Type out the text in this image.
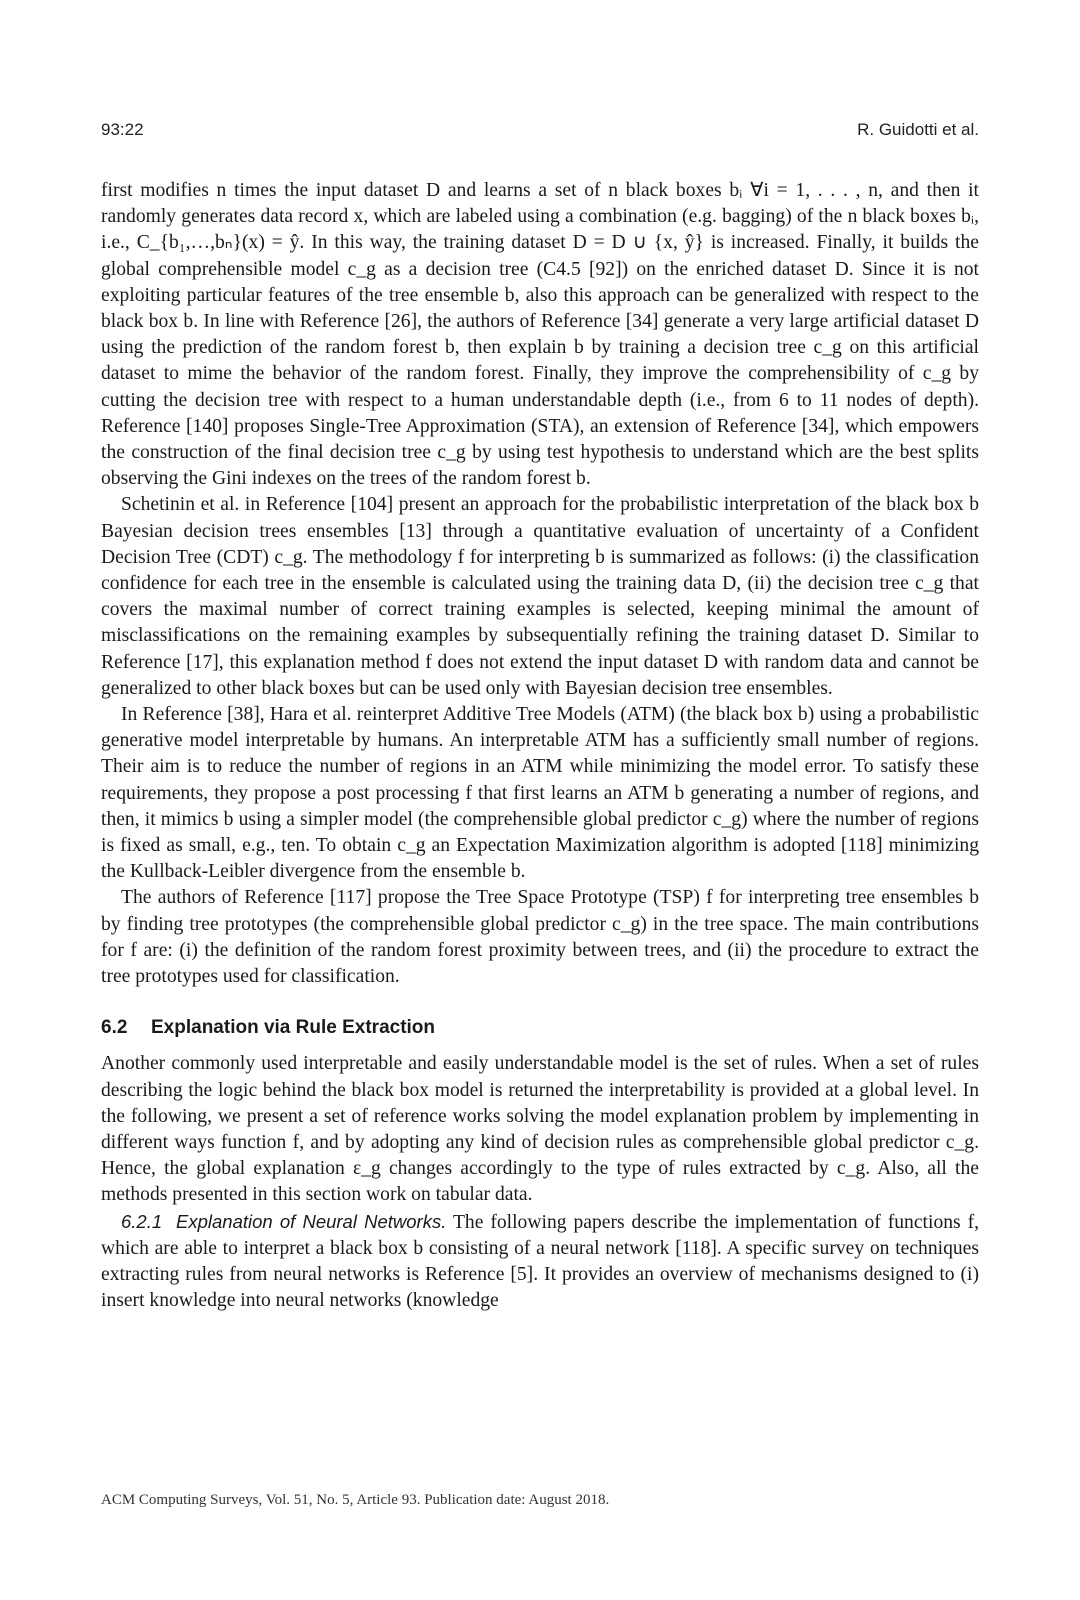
93:22	R. Guidotti et al.

first modifies n times the input dataset D and learns a set of n black boxes bᵢ ∀i = 1, . . . , n, and then it randomly generates data record x, which are labeled using a combination (e.g. bagging) of the n black boxes bᵢ, i.e., C_{b₁,…,bₙ}(x) = ŷ. In this way, the training dataset D = D ∪ {x, ŷ} is increased. Finally, it builds the global comprehensible model c_g as a decision tree (C4.5 [92]) on the enriched dataset D. Since it is not exploiting particular features of the tree ensemble b, also this approach can be generalized with respect to the black box b. In line with Reference [26], the authors of Reference [34] generate a very large artificial dataset D using the prediction of the random forest b, then explain b by training a decision tree c_g on this artificial dataset to mime the behavior of the random forest. Finally, they improve the comprehensibility of c_g by cutting the decision tree with respect to a human understandable depth (i.e., from 6 to 11 nodes of depth). Reference [140] proposes Single-Tree Approximation (STA), an extension of Reference [34], which empowers the construction of the final decision tree c_g by using test hypothesis to understand which are the best splits observing the Gini indexes on the trees of the random forest b.

Schetinin et al. in Reference [104] present an approach for the probabilistic interpretation of the black box b Bayesian decision trees ensembles [13] through a quantitative evaluation of uncertainty of a Confident Decision Tree (CDT) c_g. The methodology f for interpreting b is summarized as follows: (i) the classification confidence for each tree in the ensemble is calculated using the training data D, (ii) the decision tree c_g that covers the maximal number of correct training examples is selected, keeping minimal the amount of misclassifications on the remaining examples by subsequentially refining the training dataset D. Similar to Reference [17], this explanation method f does not extend the input dataset D with random data and cannot be generalized to other black boxes but can be used only with Bayesian decision tree ensembles.

In Reference [38], Hara et al. reinterpret Additive Tree Models (ATM) (the black box b) using a probabilistic generative model interpretable by humans. An interpretable ATM has a sufficiently small number of regions. Their aim is to reduce the number of regions in an ATM while minimizing the model error. To satisfy these requirements, they propose a post processing f that first learns an ATM b generating a number of regions, and then, it mimics b using a simpler model (the comprehensible global predictor c_g) where the number of regions is fixed as small, e.g., ten. To obtain c_g an Expectation Maximization algorithm is adopted [118] minimizing the Kullback-Leibler divergence from the ensemble b.

The authors of Reference [117] propose the Tree Space Prototype (TSP) f for interpreting tree ensembles b by finding tree prototypes (the comprehensible global predictor c_g) in the tree space. The main contributions for f are: (i) the definition of the random forest proximity between trees, and (ii) the procedure to extract the tree prototypes used for classification.

6.2 Explanation via Rule Extraction

Another commonly used interpretable and easily understandable model is the set of rules. When a set of rules describing the logic behind the black box model is returned the interpretability is provided at a global level. In the following, we present a set of reference works solving the model explanation problem by implementing in different ways function f, and by adopting any kind of decision rules as comprehensible global predictor c_g. Hence, the global explanation ε_g changes accordingly to the type of rules extracted by c_g. Also, all the methods presented in this section work on tabular data.

6.2.1 Explanation of Neural Networks. The following papers describe the implementation of functions f, which are able to interpret a black box b consisting of a neural network [118]. A specific survey on techniques extracting rules from neural networks is Reference [5]. It provides an overview of mechanisms designed to (i) insert knowledge into neural networks (knowledge

ACM Computing Surveys, Vol. 51, No. 5, Article 93. Publication date: August 2018.
